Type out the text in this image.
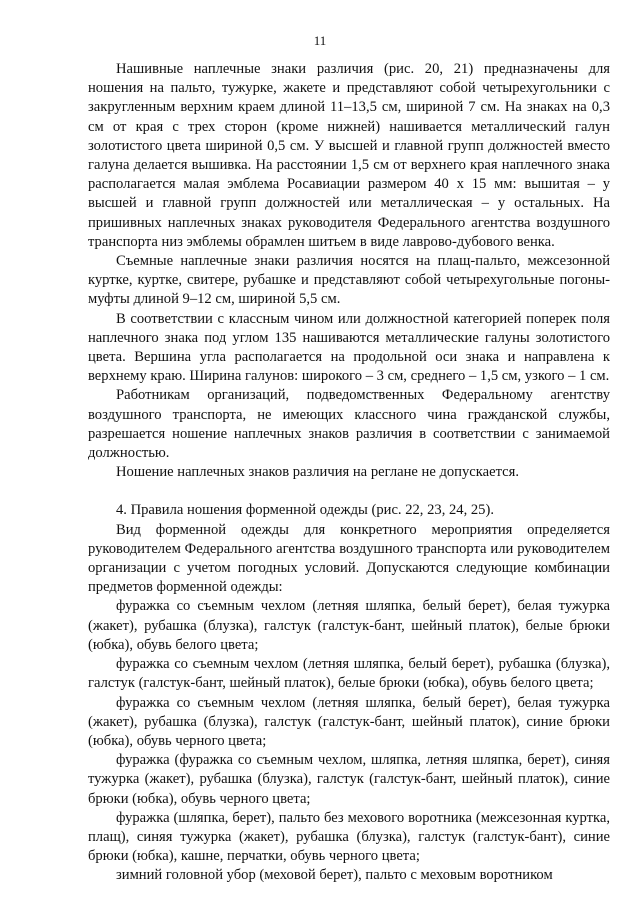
11

Нашивные наплечные знаки различия (рис. 20, 21) предназначены для ношения на пальто, тужурке, жакете и представляют собой четырехугольники с закругленным верхним краем длиной 11–13,5 см, шириной 7 см. На знаках на 0,3 см от края с трех сторон (кроме нижней) нашивается металлический галун золотистого цвета шириной 0,5 см. У высшей и главной групп должностей вместо галуна делается вышивка. На расстоянии 1,5 см от верхнего края наплечного знака располагается малая эмблема Росавиации размером 40 х 15 мм: вышитая – у высшей и главной групп должностей или металлическая – у остальных. На пришивных наплечных знаках руководителя Федерального агентства воздушного транспорта низ эмблемы обрамлен шитьем в виде лаврово-дубового венка.

Съемные наплечные знаки различия носятся на плащ-пальто, межсезонной куртке, куртке, свитере, рубашке и представляют собой четырехугольные погоны-муфты длиной 9–12 см, шириной 5,5 см.

В соответствии с классным чином или должностной категорией поперек поля наплечного знака под углом 135 нашиваются металлические галуны золотистого цвета. Вершина угла располагается на продольной оси знака и направлена к верхнему краю. Ширина галунов: широкого – 3 см, среднего – 1,5 см, узкого – 1 см.

Работникам организаций, подведомственных Федеральному агентству воздушного транспорта, не имеющих классного чина гражданской службы, разрешается ношение наплечных знаков различия в соответствии с занимаемой должностью.

Ношение наплечных знаков различия на реглане не допускается.

4. Правила ношения форменной одежды (рис. 22, 23, 24, 25).

Вид форменной одежды для конкретного мероприятия определяется руководителем Федерального агентства воздушного транспорта или руководителем организации с учетом погодных условий. Допускаются следующие комбинации предметов форменной одежды:

фуражка со съемным чехлом (летняя шляпка, белый берет), белая тужурка (жакет), рубашка (блузка), галстук (галстук-бант, шейный платок), белые брюки (юбка), обувь белого цвета;

фуражка со съемным чехлом (летняя шляпка, белый берет), рубашка (блузка), галстук (галстук-бант, шейный платок), белые брюки (юбка), обувь белого цвета;

фуражка со съемным чехлом (летняя шляпка, белый берет), белая тужурка (жакет), рубашка (блузка), галстук (галстук-бант, шейный платок), синие брюки (юбка), обувь черного цвета;

фуражка (фуражка со съемным чехлом, шляпка, летняя шляпка, берет), синяя тужурка (жакет), рубашка (блузка), галстук (галстук-бант, шейный платок), синие брюки (юбка), обувь черного цвета;

фуражка (шляпка, берет), пальто без мехового воротника (межсезонная куртка, плащ), синяя тужурка (жакет), рубашка (блузка), галстук (галстук-бант), синие брюки (юбка), кашне, перчатки, обувь черного цвета;

зимний головной убор (меховой берет), пальто с меховым воротником
